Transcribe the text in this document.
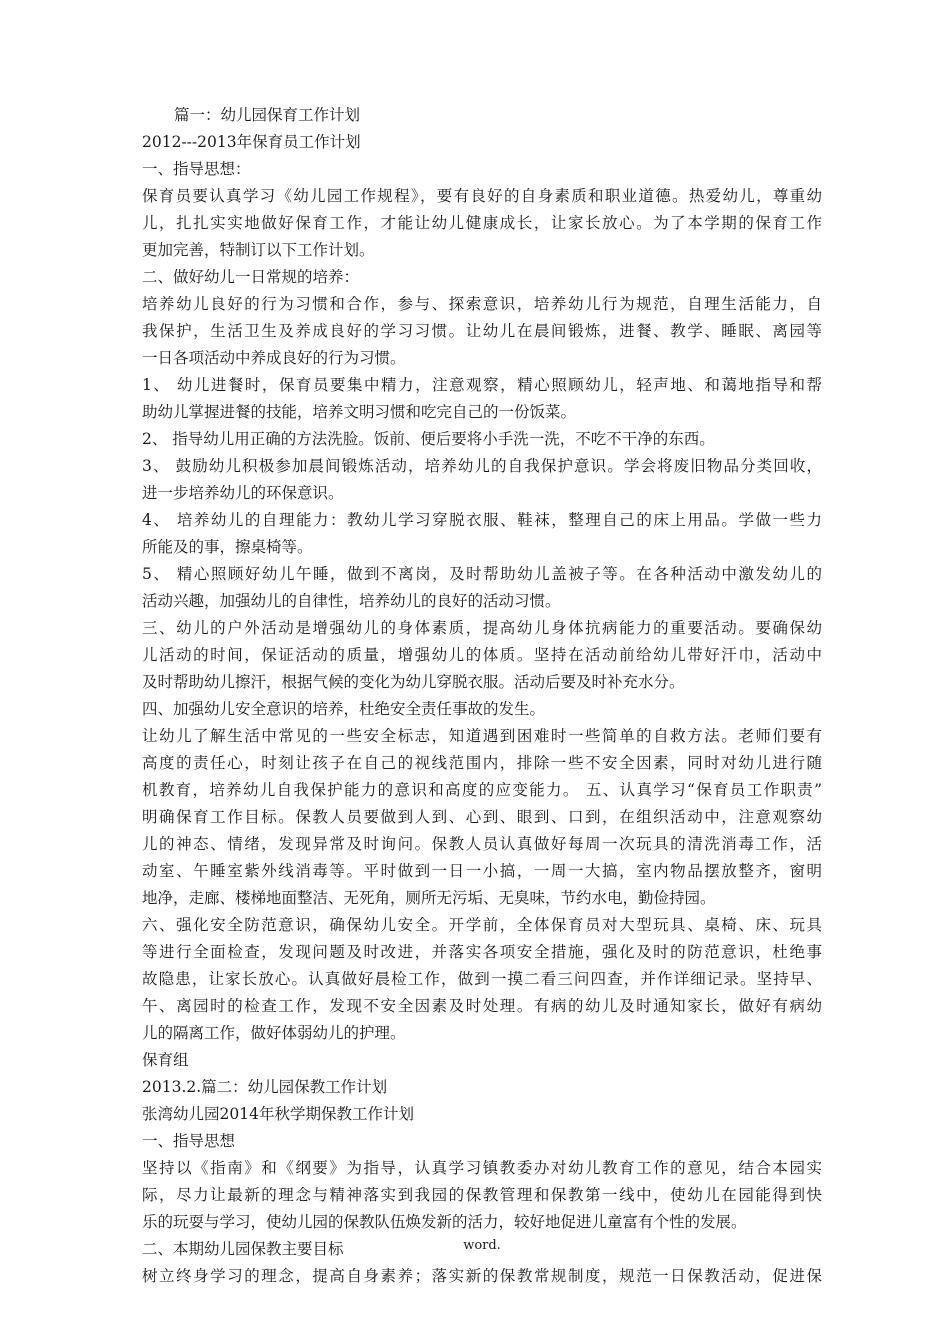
篇一：幼儿园保育工作计划
2012---2013年保育员工作计划
一、指导思想：
保育员要认真学习《幼儿园工作规程》，要有良好的自身素质和职业道德。热爱幼儿，尊重幼
儿，扎扎实实地做好保育工作，才能让幼儿健康成长，让家长放心。为了本学期的保育工作
更加完善，特制订以下工作计划。
二、做好幼儿一日常规的培养：
培养幼儿良好的行为习惯和合作，参与、探索意识，培养幼儿行为规范，自理生活能力，自
我保护，生活卫生及养成良好的学习习惯。让幼儿在晨间锻炼，进餐、教学、睡眠、离园等
一日各项活动中养成良好的行为习惯。
1、 幼儿进餐时，保育员要集中精力，注意观察，精心照顾幼儿，轻声地、和蔼地指导和帮
助幼儿掌握进餐的技能，培养文明习惯和吃完自己的一份饭菜。
2、 指导幼儿用正确的方法洗脸。饭前、便后要将小手洗一洗，不吃不干净的东西。
3、 鼓励幼儿积极参加晨间锻炼活动，培养幼儿的自我保护意识。学会将废旧物品分类回收，
进一步培养幼儿的环保意识。
4、 培养幼儿的自理能力：教幼儿学习穿脱衣服、鞋袜，整理自己的床上用品。学做一些力
所能及的事，擦桌椅等。
5、 精心照顾好幼儿午睡，做到不离岗，及时帮助幼儿盖被子等。在各种活动中激发幼儿的
活动兴趣，加强幼儿的自律性，培养幼儿的良好的活动习惯。
三、幼儿的户外活动是增强幼儿的身体素质，提高幼儿身体抗病能力的重要活动。要确保幼
儿活动的时间，保证活动的质量，增强幼儿的体质。坚持在活动前给幼儿带好汗巾，活动中
及时帮助幼儿擦汗，根据气候的变化为幼儿穿脱衣服。活动后要及时补充水分。
四、加强幼儿安全意识的培养，杜绝安全责任事故的发生。
让幼儿了解生活中常见的一些安全标志，知道遇到困难时一些简单的自救方法。老师们要有
高度的责任心，时刻让孩子在自己的视线范围内，排除一些不安全因素，同时对幼儿进行随
机教育，培养幼儿自我保护能力的意识和高度的应变能力。 五、认真学习“保育员工作职责”
明确保育工作目标。保教人员要做到人到、心到、眼到、口到，在组织活动中，注意观察幼
儿的神态、情绪，发现异常及时询问。保教人员认真做好每周一次玩具的清洗消毒工作，活
动室、午睡室紫外线消毒等。平时做到一日一小搞，一周一大搞，室内物品摆放整齐，窗明
地净，走廊、楼梯地面整洁、无死角，厕所无污垢、无臭味，节约水电，勤俭持园。
六、强化安全防范意识，确保幼儿安全。开学前，全体保育员对大型玩具、桌椅、床、玩具
等进行全面检查，发现问题及时改进，并落实各项安全措施，强化及时的防范意识，杜绝事
故隐患，让家长放心。认真做好晨检工作，做到一摸二看三问四查，并作详细记录。坚持早、
午、离园时的检查工作，发现不安全因素及时处理。有病的幼儿及时通知家长，做好有病幼
儿的隔离工作，做好体弱幼儿的护理。
保育组
2013.2.篇二：幼儿园保教工作计划
张湾幼儿园2014年秋学期保教工作计划
一、指导思想
坚持以《指南》和《纲要》为指导，认真学习镇教委办对幼儿教育工作的意见，结合本园实
际，尽力让最新的理念与精神落实到我园的保教管理和保教第一线中，使幼儿在园能得到快
乐的玩耍与学习，使幼儿园的保教队伍焕发新的活力，较好地促进儿童富有个性的发展。
二、本期幼儿园保教主要目标
树立终身学习的理念，提高自身素养；落实新的保教常规制度，规范一日保教活动，促进保
word.
